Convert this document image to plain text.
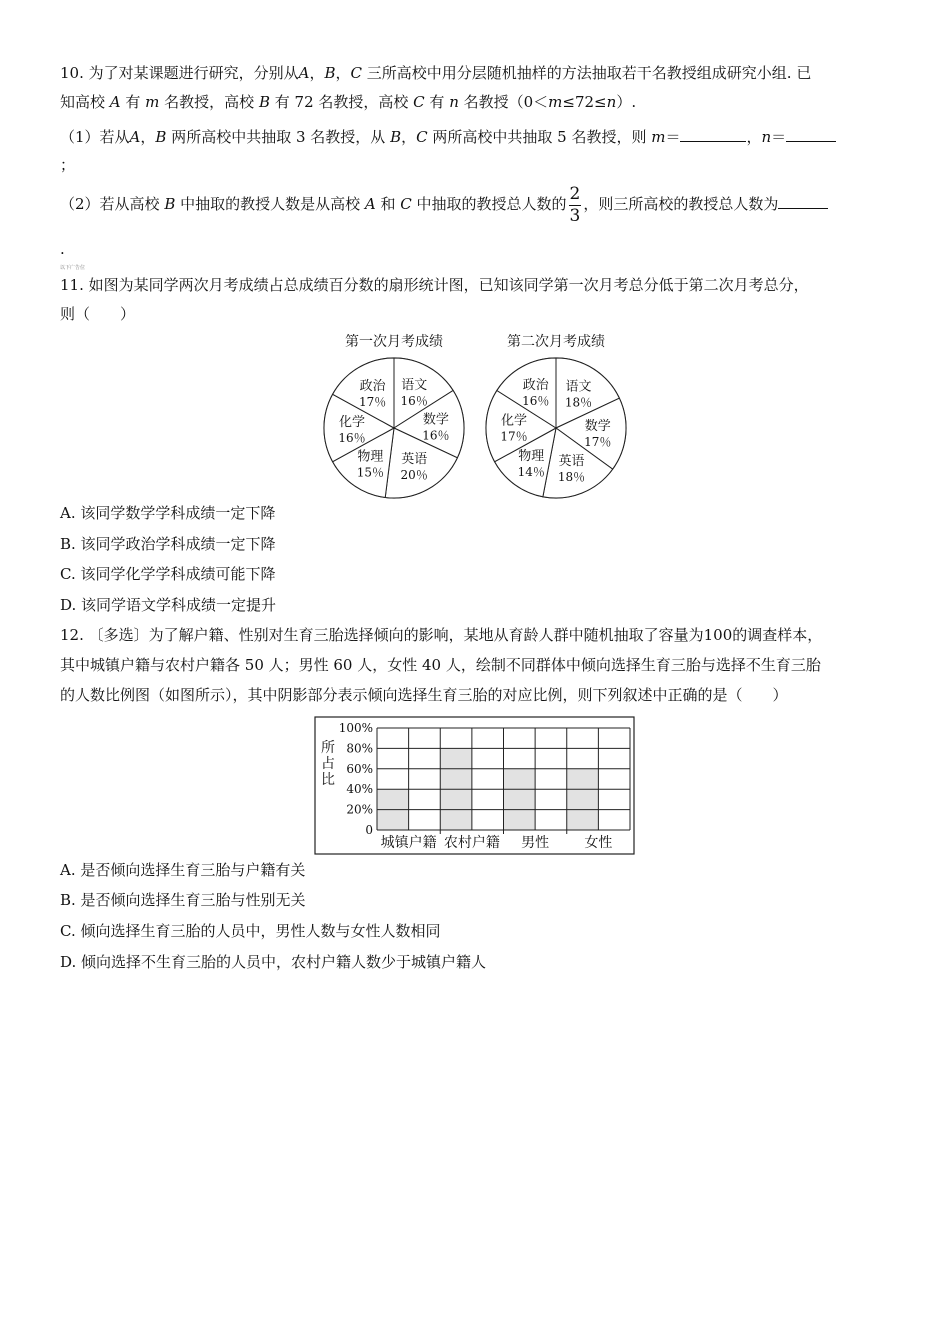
10. 为了对某课题进行研究，分别从A，B，C 三所高校中用分层随机抽样的方法抽取若干名教授组成研究小组. 已
知高校 A 有 m 名教授，高校 B 有 72 名教授，高校 C 有 n 名教授（0＜m≤72≤n）.
（1）若从A，B 两所高校中共抽取 3 名教授，从 B，C 两所高校中共抽取 5 名教授，则 m＝	，n＝
；
（2）若从高校 B 中抽取的教授人数是从高校 A 和 C 中抽取的教授总人数的 $\frac{2}{3}$ ，则三所高校的教授总人数为
.
以下广告位
11. 如图为某同学两次月考成绩占总成绩百分数的扇形统计图，已知该同学第一次月考总分低于第二次月考总分，
则（　　）
第一次月考成绩
语文
16％
数学
16％
英语
20％
物理
15％
化学
16％
政治
17％
第二次月考成绩
语文
18％
数学
17％
英语
18％
物理
14％
化学
17％
政治
16％
A. 该同学数学学科成绩一定下降
B. 该同学政治学科成绩一定下降
C. 该同学化学学科成绩可能下降
D. 该同学语文学科成绩一定提升
12. 〔多选〕为了解户籍、性别对生育三胎选择倾向的影响，某地从育龄人群中随机抽取了容量为100的调查样本，
其中城镇户籍与农村户籍各 50 人；男性 60 人，女性 40 人，绘制不同群体中倾向选择生育三胎与选择不生育三胎
的人数比例图（如图所示），其中阴影部分表示倾向选择生育三胎的对应比例，则下列叙述中正确的是（　　）
0
20%
40%
60%
80%
100%
城镇户籍 农村户籍 男性	女性
所
占
比
A. 是否倾向选择生育三胎与户籍有关
B. 是否倾向选择生育三胎与性别无关
C. 倾向选择生育三胎的人员中，男性人数与女性人数相同
D. 倾向选择不生育三胎的人员中，农村户籍人数少于城镇户籍人
